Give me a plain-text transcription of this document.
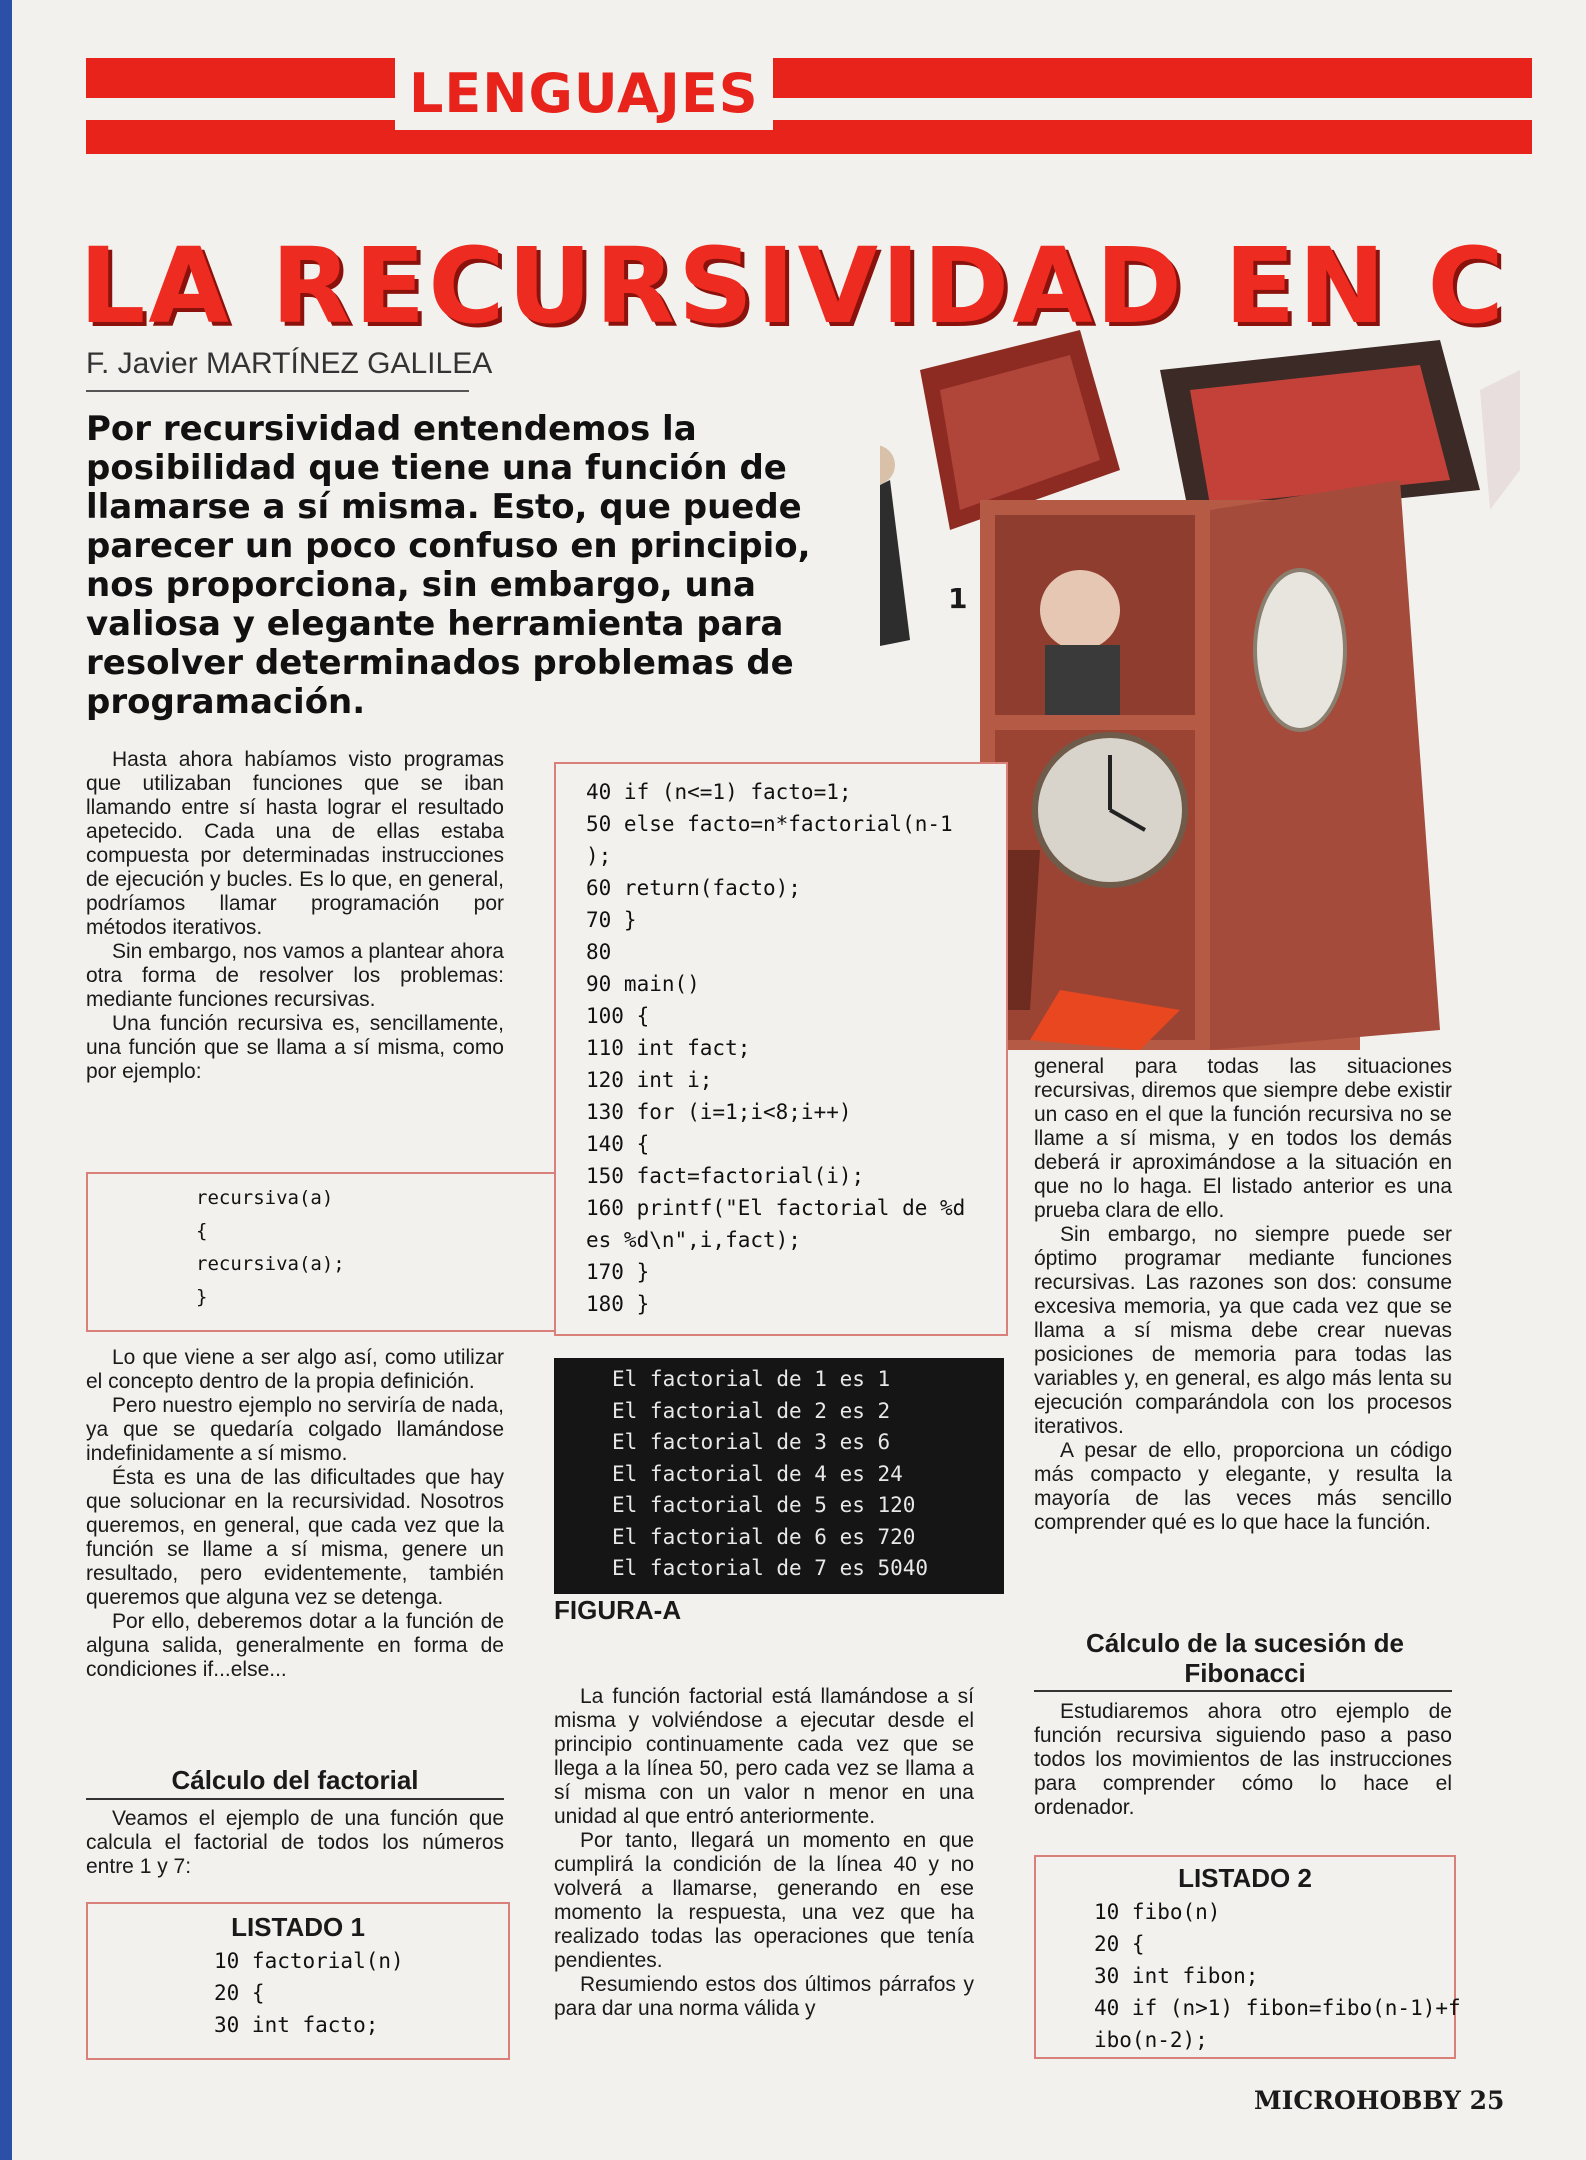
LENGUAJES
LA RECURSIVIDAD EN C
F. Javier MARTÍNEZ GALILEA
Por recursividad entendemos la posibilidad que tiene una función de llamarse a sí misma. Esto, que puede parecer un poco confuso en principio, nos proporciona, sin embargo, una valiosa y elegante herramienta para resolver determinados problemas de programación.
1

Hasta ahora habíamos visto programas que utilizaban funciones que se iban llamando entre sí hasta lograr el resultado apetecido. Cada una de ellas estaba compuesta por determinadas instrucciones de ejecución y bucles. Es lo que, en general, podríamos llamar programación por métodos iterativos.

Sin embargo, nos vamos a plantear ahora otra forma de resolver los problemas: mediante funciones recursivas.

Una función recursiva es, sencillamente, una función que se llama a sí misma, como por ejemplo:

recursiva(a)
{
recursiva(a);
}

Lo que viene a ser algo así, como utilizar el concepto dentro de la propia definición.

Pero nuestro ejemplo no serviría de nada, ya que se quedaría colgado llamándose indefinidamente a sí mismo.

Ésta es una de las dificultades que hay que solucionar en la recursividad. Nosotros queremos, en general, que cada vez que la función se llame a sí misma, genere un resultado, pero evidentemente, también queremos que alguna vez se detenga.

Por ello, deberemos dotar a la función de alguna salida, generalmente en forma de condiciones if...else...

Cálculo del factorial

Veamos el ejemplo de una función que calcula el factorial de todos los números entre 1 y 7:

LISTADO 1
10 factorial(n)
20 {
30 int facto;
40 if (n<=1) facto=1;
50 else facto=n*factorial(n-1
);
60 return(facto);
70 }
80
90 main()
100 {
110 int fact;
120 int i;
130 for (i=1;i<8;i++)
140 {
150 fact=factorial(i);
160 printf("El factorial de %d
es %d\n",i,fact);
170 }
180 }
El factorial de 1 es 1
El factorial de 2 es 2
El factorial de 3 es 6
El factorial de 4 es 24
El factorial de 5 es 120
El factorial de 6 es 720
El factorial de 7 es 5040
FIGURA-A

La función factorial está llamándose a sí misma y volviéndose a ejecutar desde el principio continuamente cada vez que se llega a la línea 50, pero cada vez se llama a sí misma con un valor n menor en una unidad al que entró anteriormente.

Por tanto, llegará un momento en que cumplirá la condición de la línea 40 y no volverá a llamarse, generando en ese momento la respuesta, una vez que ha realizado todas las operaciones que tenía pendientes.

Resumiendo estos dos últimos párrafos y para dar una norma válida y

general para todas las situaciones recursivas, diremos que siempre debe existir un caso en el que la función recursiva no se llame a sí misma, y en todos los demás deberá ir aproximándose a la situación en que no lo haga. El listado anterior es una prueba clara de ello.

Sin embargo, no siempre puede ser óptimo programar mediante funciones recursivas. Las razones son dos: consume excesiva memoria, ya que cada vez que se llama a sí misma debe crear nuevas posiciones de memoria para todas las variables y, en general, es algo más lenta su ejecución comparándola con los procesos iterativos.

A pesar de ello, proporciona un código más compacto y elegante, y resulta la mayoría de las veces más sencillo comprender qué es lo que hace la función.

Cálculo de la sucesión de Fibonacci

Estudiaremos ahora otro ejemplo de función recursiva siguiendo paso a paso todos los movimientos de las instrucciones para comprender cómo lo hace el ordenador.

LISTADO 2
10 fibo(n)
20 {
30 int fibon;
40 if (n>1) fibon=fibo(n-1)+f
ibo(n-2);
MICROHOBBY 25
